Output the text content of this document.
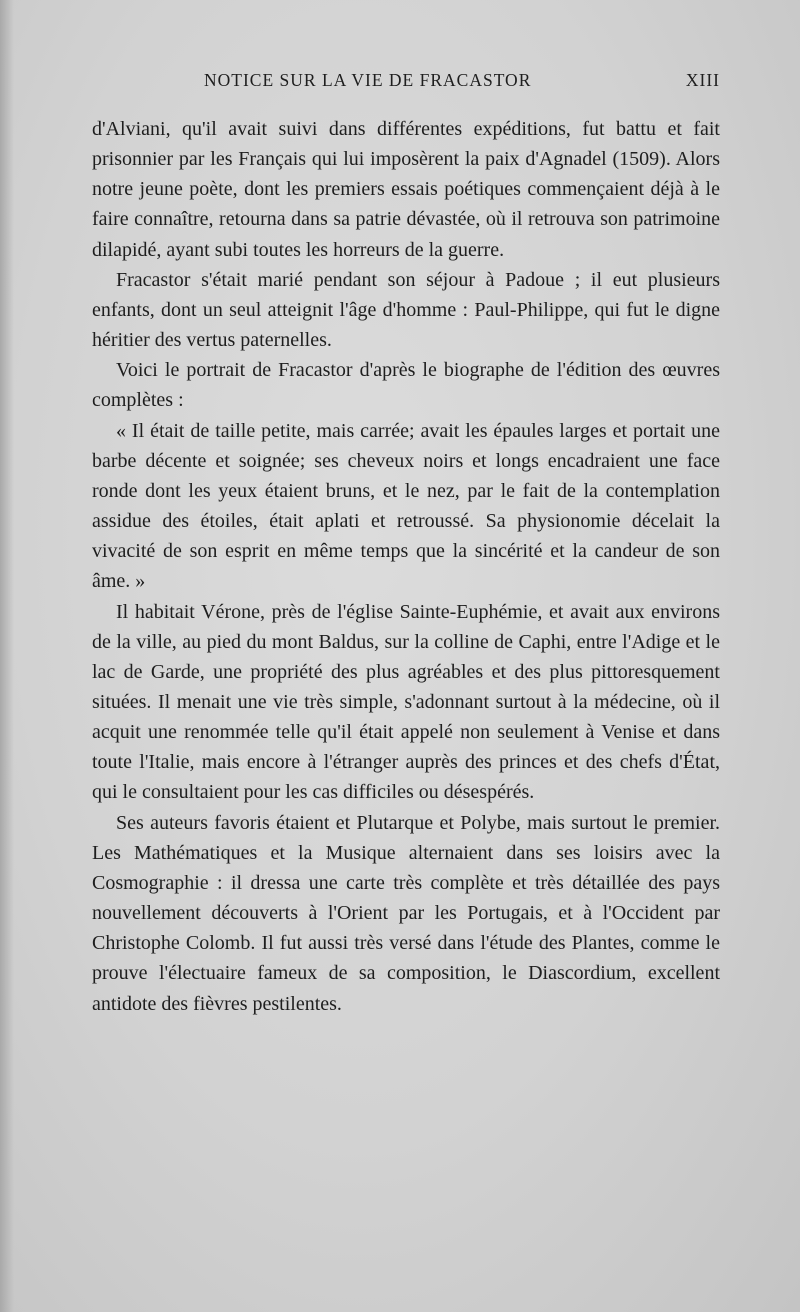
NOTICE SUR LA VIE DE FRACASTOR	XIII

d'Alviani, qu'il avait suivi dans différentes expéditions, fut battu et fait prisonnier par les Français qui lui imposèrent la paix d'Agnadel (1509). Alors notre jeune poète, dont les premiers essais poétiques commençaient déjà à le faire connaître, retourna dans sa patrie dévastée, où il retrouva son patrimoine dilapidé, ayant subi toutes les horreurs de la guerre.

Fracastor s'était marié pendant son séjour à Padoue ; il eut plusieurs enfants, dont un seul atteignit l'âge d'homme : Paul-Philippe, qui fut le digne héritier des vertus paternelles.

Voici le portrait de Fracastor d'après le biographe de l'édition des œuvres complètes :

« Il était de taille petite, mais carrée; avait les épaules larges et portait une barbe décente et soignée; ses cheveux noirs et longs encadraient une face ronde dont les yeux étaient bruns, et le nez, par le fait de la contemplation assidue des étoiles, était aplati et retroussé. Sa physionomie décelait la vivacité de son esprit en même temps que la sincérité et la candeur de son âme. »

Il habitait Vérone, près de l'église Sainte-Euphémie, et avait aux environs de la ville, au pied du mont Baldus, sur la colline de Caphi, entre l'Adige et le lac de Garde, une propriété des plus agréables et des plus pittoresquement situées. Il menait une vie très simple, s'adonnant surtout à la médecine, où il acquit une renommée telle qu'il était appelé non seulement à Venise et dans toute l'Italie, mais encore à l'étranger auprès des princes et des chefs d'État, qui le consultaient pour les cas difficiles ou désespérés.

Ses auteurs favoris étaient et Plutarque et Polybe, mais surtout le premier. Les Mathématiques et la Musique alternaient dans ses loisirs avec la Cosmographie : il dressa une carte très complète et très détaillée des pays nouvellement découverts à l'Orient par les Portugais, et à l'Occident par Christophe Colomb. Il fut aussi très versé dans l'étude des Plantes, comme le prouve l'électuaire fameux de sa composition, le Diascordium, excellent antidote des fièvres pestilentes.
